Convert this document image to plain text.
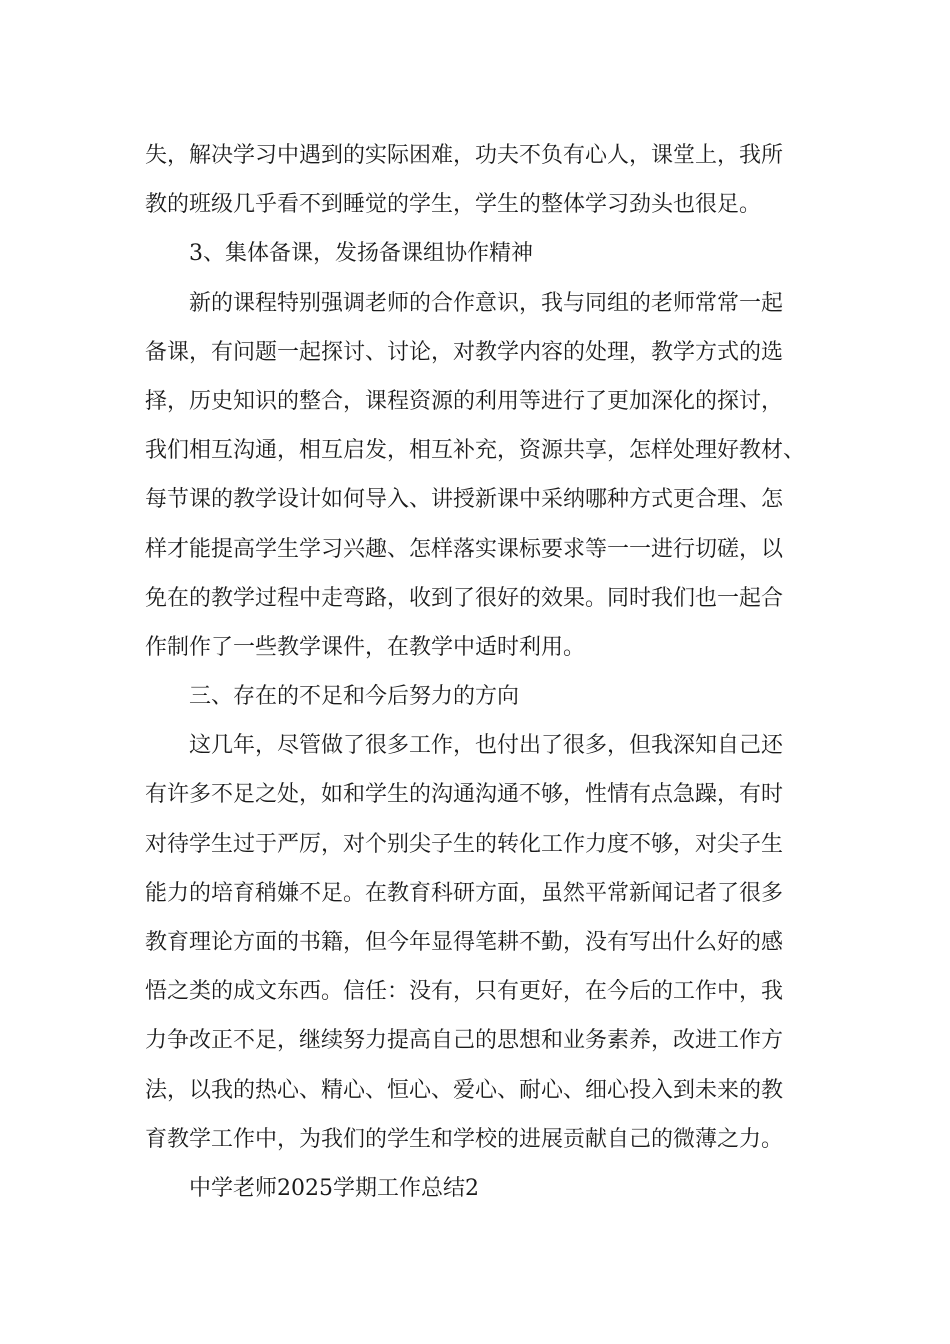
失，解决学习中遇到的实际困难，功夫不负有心人，课堂上，我所
教的班级几乎看不到睡觉的学生，学生的整体学习劲头也很足。
3、集体备课，发扬备课组协作精神
新的课程特别强调老师的合作意识，我与同组的老师常常一起
备课，有问题一起探讨、讨论，对教学内容的处理，教学方式的选
择，历史知识的整合，课程资源的利用等进行了更加深化的探讨，
我们相互沟通，相互启发，相互补充，资源共享，怎样处理好教材、
每节课的教学设计如何导入、讲授新课中采纳哪种方式更合理、怎
样才能提高学生学习兴趣、怎样落实课标要求等一一进行切磋，以
免在的教学过程中走弯路，收到了很好的效果。同时我们也一起合
作制作了一些教学课件，在教学中适时利用。
三、存在的不足和今后努力的方向
这几年，尽管做了很多工作，也付出了很多，但我深知自己还
有许多不足之处，如和学生的沟通沟通不够，性情有点急躁，有时
对待学生过于严厉，对个别尖子生的转化工作力度不够，对尖子生
能力的培育稍嫌不足。在教育科研方面，虽然平常新闻记者了很多
教育理论方面的书籍，但今年显得笔耕不勤，没有写出什么好的感
悟之类的成文东西。信任：没有，只有更好，在今后的工作中，我
力争改正不足，继续努力提高自己的思想和业务素养，改进工作方
法，以我的热心、精心、恒心、爱心、耐心、细心投入到未来的教
育教学工作中，为我们的学生和学校的进展贡献自己的微薄之力。
中学老师2025学期工作总结2
